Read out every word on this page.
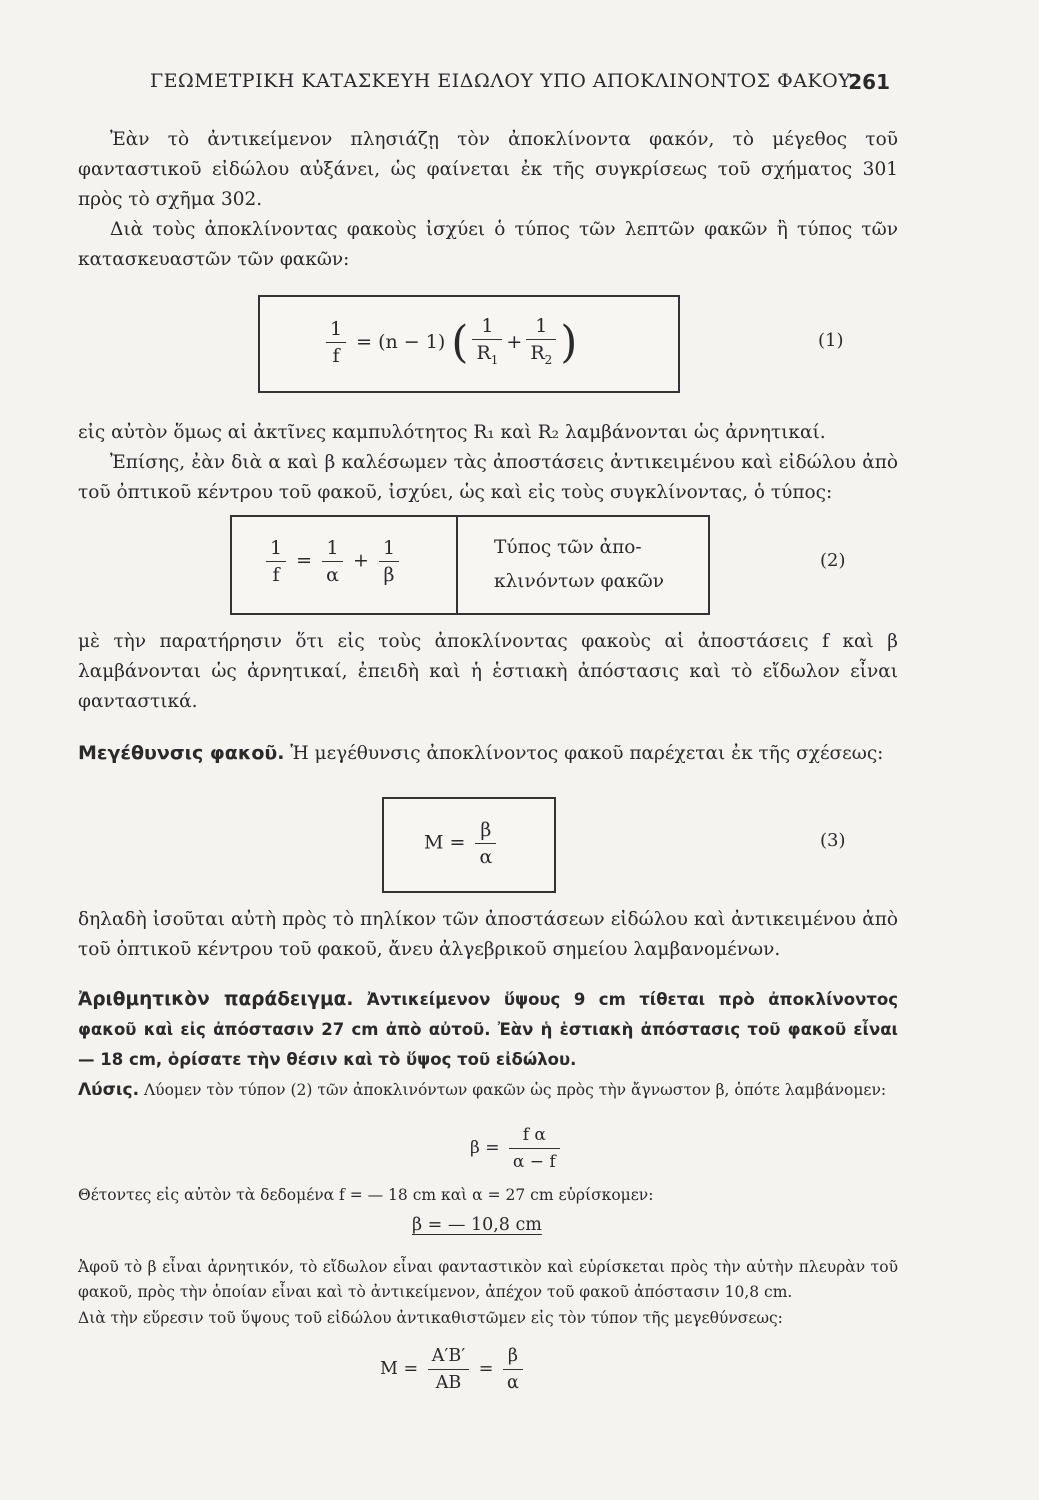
ΓΕΩΜΕΤΡΙΚΗ ΚΑΤΑΣΚΕΥΗ ΕΙΔΩΛΟΥ ΥΠΟ ΑΠΟΚΛΙΝΟΝΤΟΣ ΦΑΚΟΥ
261
Ἐὰν τὸ ἀντικείμενον πλησιάζῃ τὸν ἀποκλίνοντα φακόν, τὸ μέγεθος τοῦ φανταστικοῦ εἰδώλου αὐξάνει, ὡς φαίνεται ἐκ τῆς συγκρίσεως τοῦ σχήματος 301 πρὸς τὸ σχῆμα 302.
Διὰ τοὺς ἀποκλίνοντας φακοὺς ἰσχύει ὁ τύπος τῶν λεπτῶν φακῶν ἢ τύπος τῶν κατασκευαστῶν τῶν φακῶν:
$\frac{1}{f} = (n - 1)$ ( $\frac{1}{R_1} + \frac{1}{R_2}$ )	(1)
εἰς αὐτὸν ὅμως αἱ ἀκτῖνες καμπυλότητος R₁ καὶ R₂ λαμβάνονται ὡς ἀρνητικαί.
Ἐπίσης, ἐὰν διὰ α καὶ β καλέσωμεν τὰς ἀποστάσεις ἀντικειμένου καὶ εἰδώλου ἀπὸ τοῦ ὀπτικοῦ κέντρου τοῦ φακοῦ, ἰσχύει, ὡς καὶ εἰς τοὺς συγκλίνοντας, ὁ τύπος:
$\frac{1}{f} = \frac{1}{\alpha} + \frac{1}{\beta}$	Τύπος τῶν ἀπο-
κλινόντων φακῶν
(2)
μὲ τὴν παρατήρησιν ὅτι εἰς τοὺς ἀποκλίνοντας φακοὺς αἱ ἀποστάσεις f καὶ β λαμβάνονται ὡς ἀρνητικαί, ἐπειδὴ καὶ ἡ ἑστιακὴ ἀπόστασις καὶ τὸ εἴδωλον εἶναι φανταστικά.
Μεγέθυνσις φακοῦ. Ἡ μεγέθυνσις ἀποκλίνοντος φακοῦ παρέχεται ἐκ τῆς σχέσεως:
$M = \frac{\beta}{\alpha}$	(3)
δηλαδὴ ἰσοῦται αὐτὴ πρὸς τὸ πηλίκον τῶν ἀποστάσεων εἰδώλου καὶ ἀντικειμένου ἀπὸ τοῦ ὀπτικοῦ κέντρου τοῦ φακοῦ, ἄνευ ἀλγεβρικοῦ σημείου λαμβανομένων.
Ἀριθμητικὸν παράδειγμα. Ἀντικείμενον ὕψους 9 cm τίθεται πρὸ ἀποκλίνοντος φακοῦ καὶ εἰς ἀπόστασιν 27 cm ἀπὸ αὐτοῦ. Ἐὰν ἡ ἑστιακὴ ἀπόστασις τοῦ φακοῦ εἶναι — 18 cm, ὁρίσατε τὴν θέσιν καὶ τὸ ὕψος τοῦ εἰδώλου.
Λύσις. Λύομεν τὸν τύπον (2) τῶν ἀποκλινόντων φακῶν ὡς πρὸς τὴν ἄγνωστον β, ὁπότε λαμβάνομεν:
$\beta = \frac{\text{f α}}{\alpha - f}$
Θέτοντες εἰς αὐτὸν τὰ δεδομένα f = — 18 cm καὶ α = 27 cm εὑρίσκομεν:
β = — 10,8 cm
Ἀφοῦ τὸ β εἶναι ἀρνητικόν, τὸ εἴδωλον εἶναι φανταστικὸν καὶ εὑρίσκεται πρὸς τὴν αὐτὴν πλευρὰν τοῦ φακοῦ, πρὸς τὴν ὁποίαν εἶναι καὶ τὸ ἀντικείμενον, ἀπέχον τοῦ φακοῦ ἀπόστασιν 10,8 cm.
Διὰ τὴν εὕρεσιν τοῦ ὕψους τοῦ εἰδώλου ἀντικαθιστῶμεν εἰς τὸν τύπον τῆς μεγεθύνσεως:
$M = \frac{A'B'}{AB} = \frac{\beta}{\alpha}$
